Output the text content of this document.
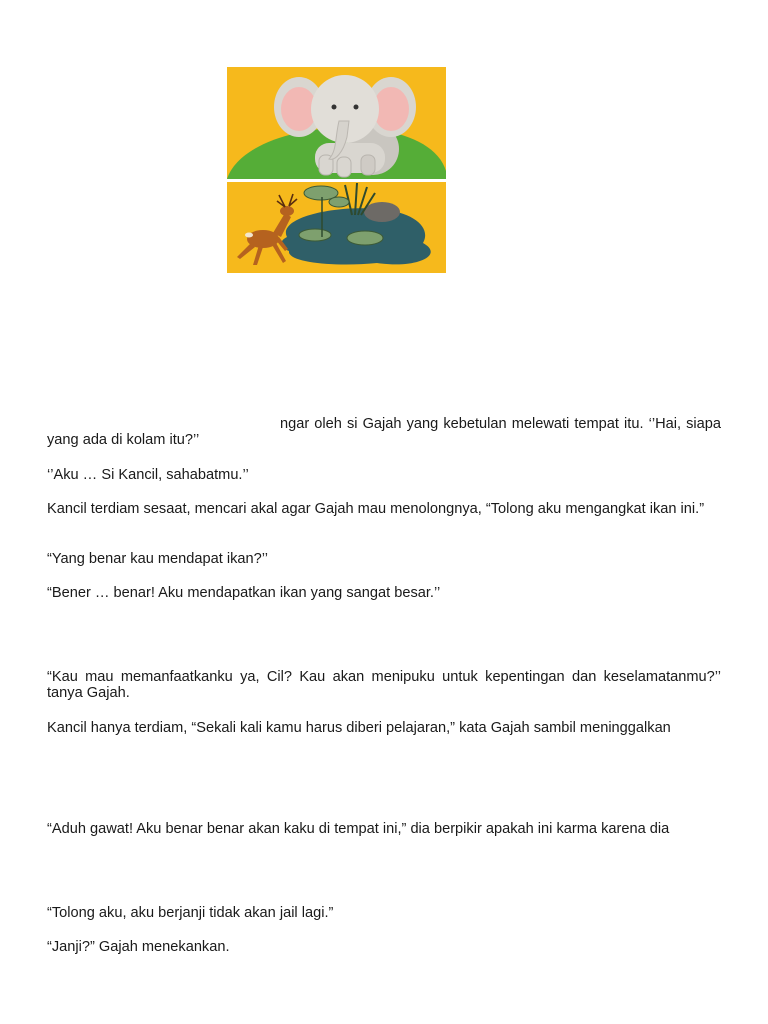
ngar oleh si Gajah yang kebetulan melewati tempat itu. ‘’Hai, siapa yang ada di kolam itu?’’

‘’Aku … Si Kancil, sahabatmu.’’

Kancil terdiam sesaat, mencari akal agar Gajah mau menolongnya, “Tolong aku mengangkat ikan ini.”

“Yang benar kau mendapat ikan?’’

“Bener … benar! Aku mendapatkan ikan yang sangat besar.’’

“Kau mau memanfaatkanku ya, Cil? Kau akan menipuku untuk kepentingan dan keselamatanmu?’’ tanya Gajah.

Kancil hanya terdiam, “Sekali kali kamu harus diberi pelajaran,” kata Gajah sambil meninggalkan

“Aduh gawat! Aku benar benar akan kaku di tempat ini,” dia berpikir apakah ini karma karena dia

“Tolong aku, aku berjanji tidak akan jail lagi.”

“Janji?” Gajah menekankan.
